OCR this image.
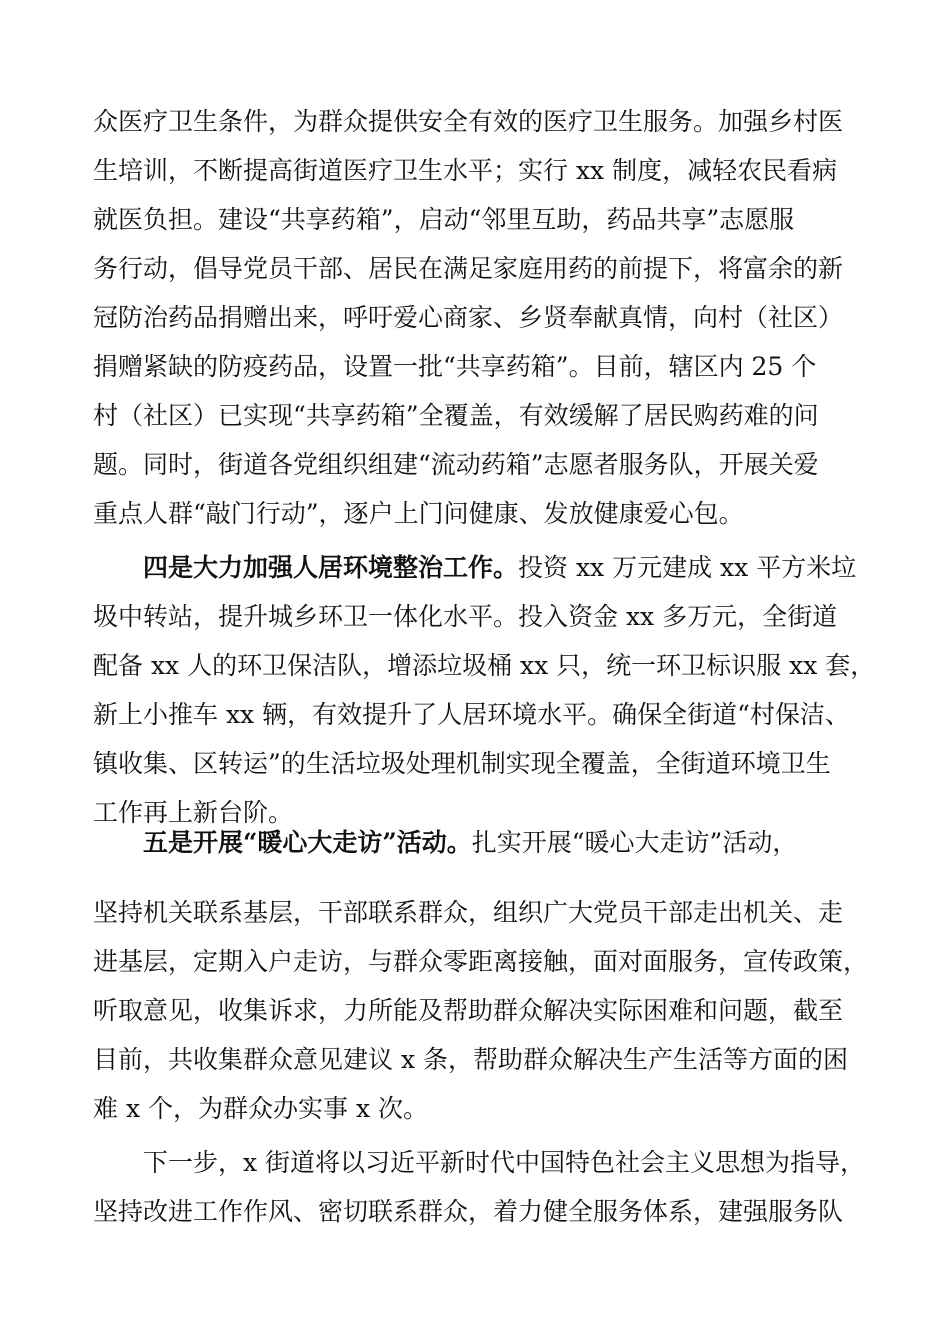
众医疗卫生条件，为群众提供安全有效的医疗卫生服务。加强乡村医
生培训，不断提高街道医疗卫生水平；实行 xx 制度，减轻农民看病
就医负担。建设“共享药箱”，启动“邻里互助，药品共享”志愿服
务行动，倡导党员干部、居民在满足家庭用药的前提下，将富余的新
冠防治药品捐赠出来，呼吁爱心商家、乡贤奉献真情，向村（社区）
捐赠紧缺的防疫药品，设置一批“共享药箱”。目前，辖区内 25 个
村（社区）已实现“共享药箱”全覆盖，有效缓解了居民购药难的问
题。同时，街道各党组织组建“流动药箱”志愿者服务队，开展关爱
重点人群“敲门行动”，逐户上门问健康、发放健康爱心包。
四是大力加强人居环境整治工作。投资 xx 万元建成 xx 平方米垃
圾中转站，提升城乡环卫一体化水平。投入资金 xx 多万元，全街道
配备 xx 人的环卫保洁队，增添垃圾桶 xx 只，统一环卫标识服 xx 套，
新上小推车 xx 辆，有效提升了人居环境水平。确保全街道“村保洁、
镇收集、区转运”的生活垃圾处理机制实现全覆盖，全街道环境卫生
工作再上新台阶。
五是开展“暖心大走访”活动。扎实开展“暖心大走访”活动，
坚持机关联系基层，干部联系群众，组织广大党员干部走出机关、走
进基层，定期入户走访，与群众零距离接触，面对面服务，宣传政策，
听取意见，收集诉求，力所能及帮助群众解决实际困难和问题，截至
目前，共收集群众意见建议 x 条，帮助群众解决生产生活等方面的困
难 x 个，为群众办实事 x 次。
下一步，x 街道将以习近平新时代中国特色社会主义思想为指导，
坚持改进工作作风、密切联系群众，着力健全服务体系，建强服务队
